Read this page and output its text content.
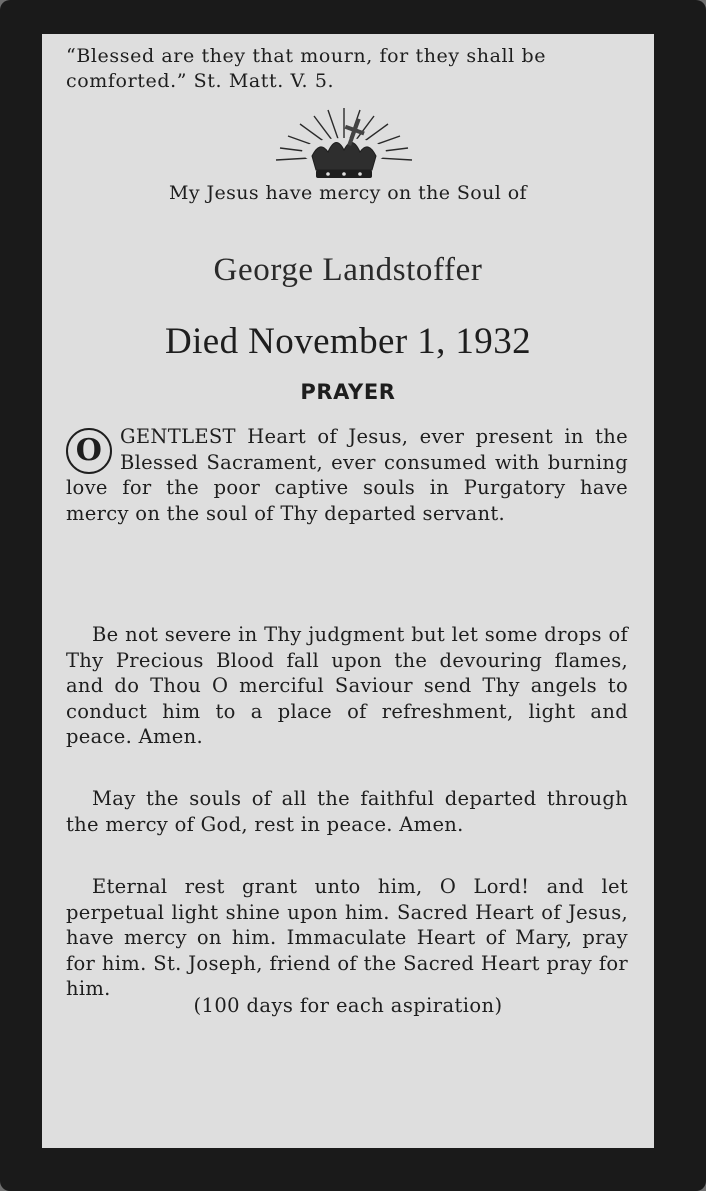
“Blessed are they that mourn, for they shall be comforted.” St. Matt. V. 5.
My Jesus have mercy on the Soul of
George Landstoffer
Died November 1, 1932
PRAYER
O GENTLEST Heart of Jesus, ever present in the Blessed Sacrament, ever consumed with burning love for the poor captive souls in Purgatory have mercy on the soul of Thy departed servant.
Be not severe in Thy judgment but let some drops of Thy Precious Blood fall upon the devouring flames, and do Thou O merciful Saviour send Thy angels to conduct him to a place of refreshment, light and peace. Amen.
May the souls of all the faithful departed through the mercy of God, rest in peace. Amen.
Eternal rest grant unto him, O Lord! and let perpetual light shine upon him. Sacred Heart of Jesus, have mercy on him. Immaculate Heart of Mary, pray for him. St. Joseph, friend of the Sacred Heart pray for him.
(100 days for each aspiration)
